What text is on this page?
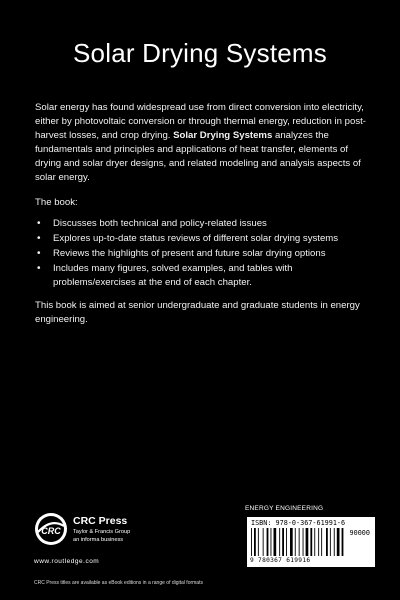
Solar Drying Systems

Solar energy has found widespread use from direct conversion into electricity, either by photovoltaic conversion or through thermal energy, reduction in post-harvest losses, and crop drying. Solar Drying Systems analyzes the fundamentals and principles and applications of heat transfer, elements of drying and solar dryer designs, and related modeling and analysis aspects of solar energy.

The book:

• Discusses both technical and policy-related issues
• Explores up-to-date status reviews of different solar drying systems
• Reviews the highlights of present and future solar drying options
• Includes many figures, solved examples, and tables with problems/exercises at the end of each chapter.

This book is aimed at senior undergraduate and graduate students in energy engineering.

CRC
CRC Press
Taylor & Francis Group
an informa business
www.routledge.com
CRC Press titles are available as eBook editions in a range of digital formats
ENERGY ENGINEERING
ISBN: 978-0-367-61991-6
90000
9 780367 619916
